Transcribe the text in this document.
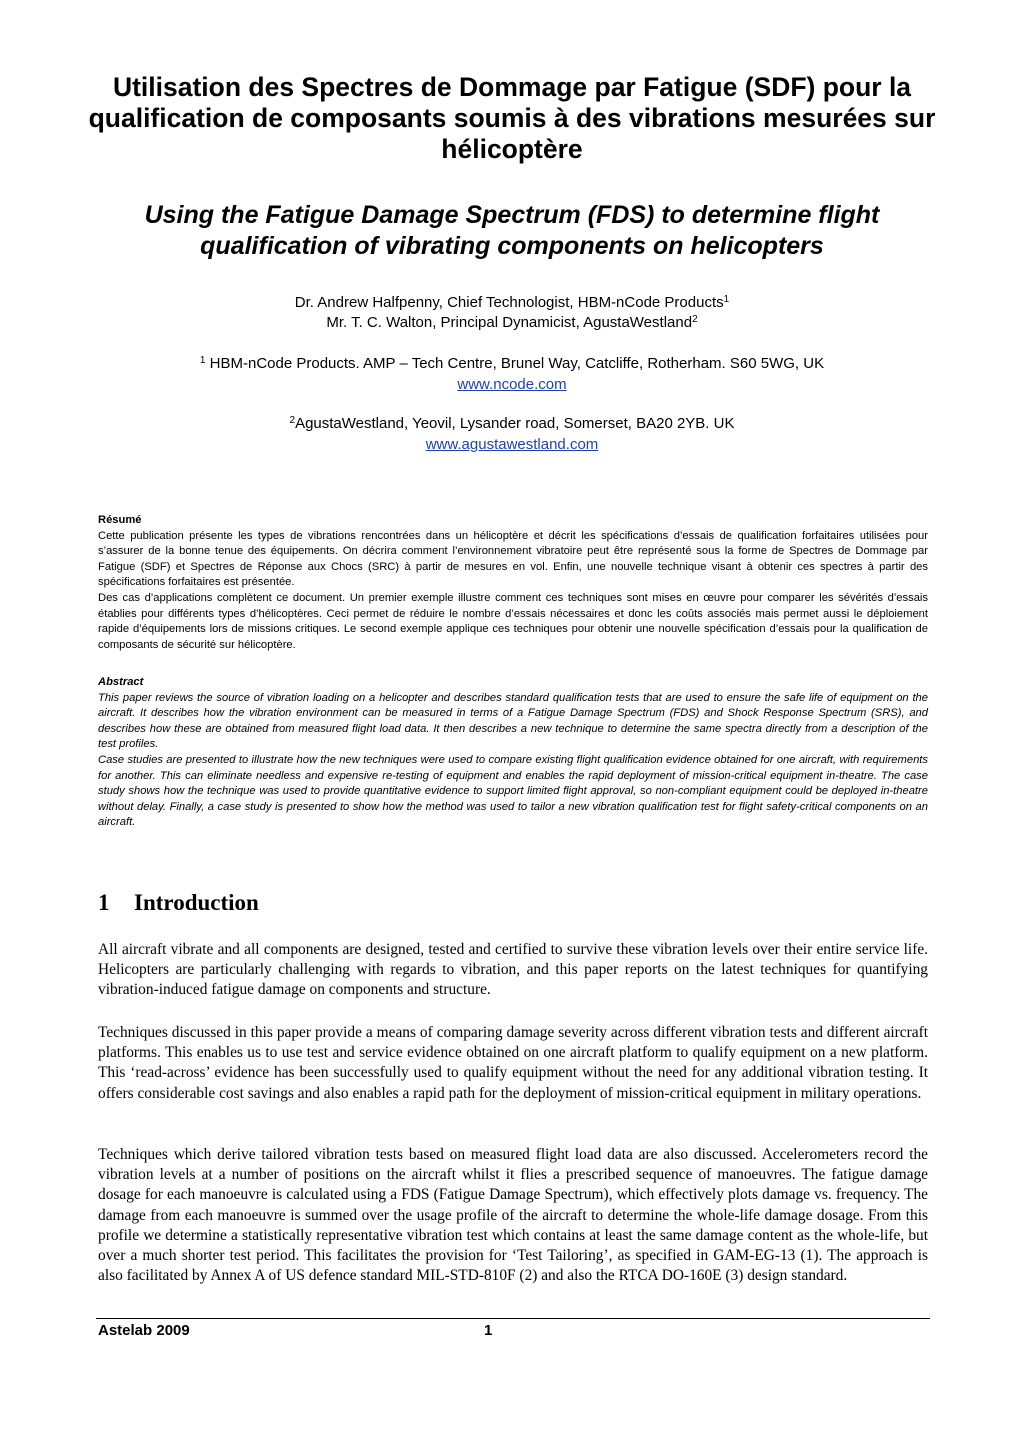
Utilisation des Spectres de Dommage par Fatigue (SDF) pour la qualification de composants soumis à des vibrations mesurées sur hélicoptère
Using the Fatigue Damage Spectrum (FDS) to determine flight qualification of vibrating components on helicopters
Dr. Andrew Halfpenny, Chief Technologist, HBM-nCode Products$^1$
Mr. T. C. Walton, Principal Dynamicist, AgustaWestland$^2$
$^1$ HBM-nCode Products. AMP – Tech Centre, Brunel Way, Catcliffe, Rotherham. S60 5WG, UK
www.ncode.com
$^2$AgustaWestland, Yeovil, Lysander road, Somerset, BA20 2YB. UK
www.agustawestland.com

Résumé

Cette publication présente les types de vibrations rencontrées dans un hélicoptère et décrit les spécifications d’essais de qualification forfaitaires utilisées pour s’assurer de la bonne tenue des équipements. On décrira comment l’environnement vibratoire peut être représenté sous la forme de Spectres de Dommage par Fatigue (SDF) et Spectres de Réponse aux Chocs (SRC) à partir de mesures en vol. Enfin, une nouvelle technique visant à obtenir ces spectres à partir des spécifications forfaitaires est présentée.

Des cas d’applications complètent ce document. Un premier exemple illustre comment ces techniques sont mises en œuvre pour comparer les sévérités d’essais établies pour différents types d’hélicoptères. Ceci permet de réduire le nombre d’essais nécessaires et donc les coûts associés mais permet aussi le déploiement rapide d’équipements lors de missions critiques. Le second exemple applique ces techniques pour obtenir une nouvelle spécification d’essais pour la qualification de composants de sécurité sur hélicoptère.

Abstract

This paper reviews the source of vibration loading on a helicopter and describes standard qualification tests that are used to ensure the safe life of equipment on the aircraft. It describes how the vibration environment can be measured in terms of a Fatigue Damage Spectrum (FDS) and Shock Response Spectrum (SRS), and describes how these are obtained from measured flight load data. It then describes a new technique to determine the same spectra directly from a description of the test profiles.

Case studies are presented to illustrate how the new techniques were used to compare existing flight qualification evidence obtained for one aircraft, with requirements for another. This can eliminate needless and expensive re-testing of equipment and enables the rapid deployment of mission-critical equipment in-theatre. The case study shows how the technique was used to provide quantitative evidence to support limited flight approval, so non-compliant equipment could be deployed in-theatre without delay. Finally, a case study is presented to show how the method was used to tailor a new vibration qualification test for flight safety-critical components on an aircraft.

1 Introduction

All aircraft vibrate and all components are designed, tested and certified to survive these vibration levels over their entire service life. Helicopters are particularly challenging with regards to vibration, and this paper reports on the latest techniques for quantifying vibration-induced fatigue damage on components and structure.

Techniques discussed in this paper provide a means of comparing damage severity across different vibration tests and different aircraft platforms. This enables us to use test and service evidence obtained on one aircraft platform to qualify equipment on a new platform. This ‘read-across’ evidence has been successfully used to qualify equipment without the need for any additional vibration testing. It offers considerable cost savings and also enables a rapid path for the deployment of mission-critical equipment in military operations.

Techniques which derive tailored vibration tests based on measured flight load data are also discussed. Accelerometers record the vibration levels at a number of positions on the aircraft whilst it flies a prescribed sequence of manoeuvres. The fatigue damage dosage for each manoeuvre is calculated using a FDS (Fatigue Damage Spectrum), which effectively plots damage vs. frequency. The damage from each manoeuvre is summed over the usage profile of the aircraft to determine the whole-life damage dosage. From this profile we determine a statistically representative vibration test which contains at least the same damage content as the whole-life, but over a much shorter test period. This facilitates the provision for ‘Test Tailoring’, as specified in GAM-EG-13 (1). The approach is also facilitated by Annex A of US defence standard MIL-STD-810F (2) and also the RTCA DO-160E (3) design standard.

Astelab 2009	1
